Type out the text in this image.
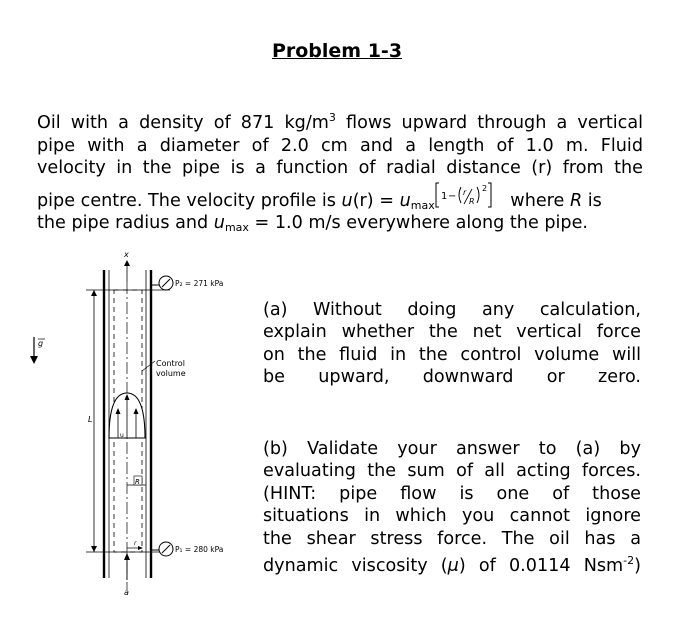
Problem 1-3
Oil with a density of 871 $kg/m^3$ flows upward through a vertical
pipe with a diameter of 2.0 cm and a length of 1.0 m. Fluid
velocity in the pipe is a function of radial distance (r) from the
pipe centre. The velocity profile is $u(r) = u_{max}$
1 − r
R
2
where R is
the pipe radius and $u_{max} = 1.0$ m/s everywhere along the pipe.
g
x
L
u
R
r
a
P₂ = 271 kPa
P₁ = 280 kPa
Control
volume
(a) Without doing any calculation,
explain whether the net vertical force
on the fluid in the control volume will
be upward, downward or zero.
(b) Validate your answer to (a) by
evaluating the sum of all acting forces.
(HINT: pipe flow is one of those
situations in which you cannot ignore
the shear stress force. The oil has a
dynamic viscosity (μ) of 0.0114 Nsm$^{-2}$)
